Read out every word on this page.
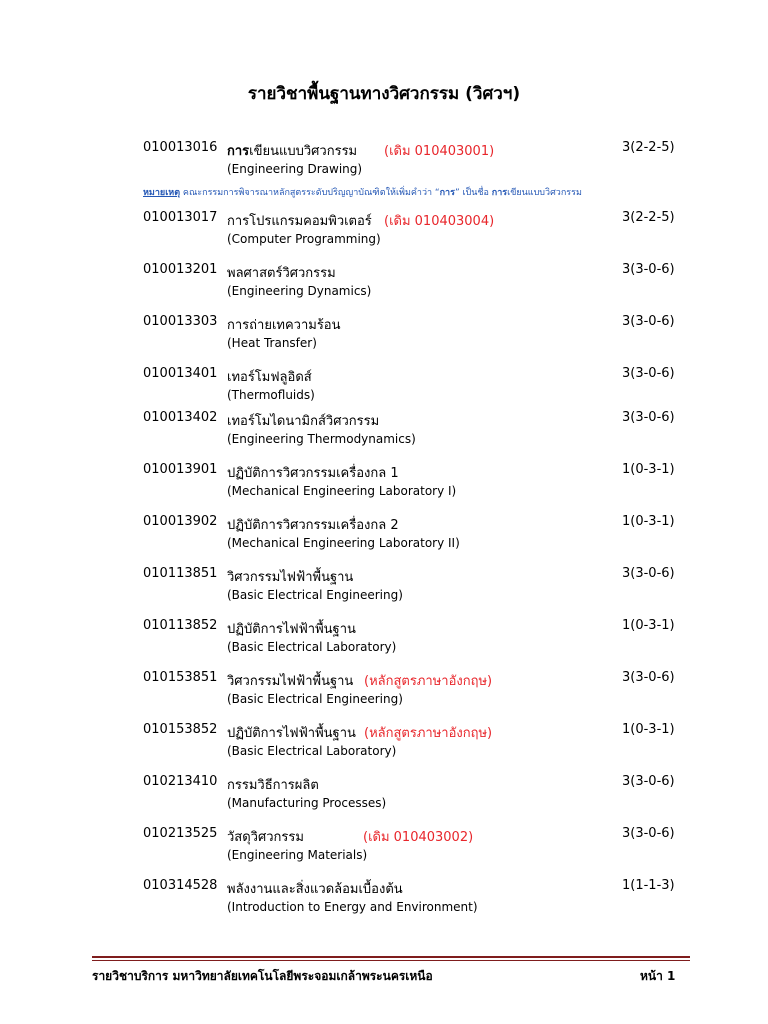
รายวิชาพื้นฐานทางวิศวกรรม (วิศวฯ)
010013016 การเขียนแบบวิศวกรรม (เดิม 010403001)	3(2-2-5)
(Engineering Drawing)
หมายเหตุ คณะกรรมการพิจารณาหลักสูตรระดับปริญญาบัณฑิตให้เพิ่มคำว่า “การ” เป็นชื่อ การเขียนแบบวิศวกรรม
010013017 การโปรแกรมคอมพิวเตอร์ (เดิม 010403004)	3(2-2-5)
(Computer Programming)
010013201 พลศาสตร์วิศวกรรม	3(3-0-6)
(Engineering Dynamics)
010013303 การถ่ายเทความร้อน	3(3-0-6)
(Heat Transfer)
010013401 เทอร์โมฟลูอิดส์	3(3-0-6)
(Thermofluids)
010013402 เทอร์โมไดนามิกส์วิศวกรรม	3(3-0-6)
(Engineering Thermodynamics)
010013901 ปฏิบัติการวิศวกรรมเครื่องกล 1	1(0-3-1)
(Mechanical Engineering Laboratory I)
010013902 ปฏิบัติการวิศวกรรมเครื่องกล 2	1(0-3-1)
(Mechanical Engineering Laboratory II)
010113851 วิศวกรรมไฟฟ้าพื้นฐาน	3(3-0-6)
(Basic Electrical Engineering)
010113852 ปฏิบัติการไฟฟ้าพื้นฐาน	1(0-3-1)
(Basic Electrical Laboratory)
010153851 วิศวกรรมไฟฟ้าพื้นฐาน (หลักสูตรภาษาอังกฤษ)	3(3-0-6)
(Basic Electrical Engineering)
010153852 ปฏิบัติการไฟฟ้าพื้นฐาน (หลักสูตรภาษาอังกฤษ)	1(0-3-1)
(Basic Electrical Laboratory)
010213410 กรรมวิธีการผลิต	3(3-0-6)
(Manufacturing Processes)
010213525 วัสดุวิศวกรรม	(เดิม 010403002)	3(3-0-6)
(Engineering Materials)
010314528 พลังงานและสิ่งแวดล้อมเบื้องต้น	1(1-1-3)
(Introduction to Energy and Environment)
รายวิชาบริการ มหาวิทยาลัยเทคโนโลยีพระจอมเกล้าพระนครเหนือ	หน้า 1
